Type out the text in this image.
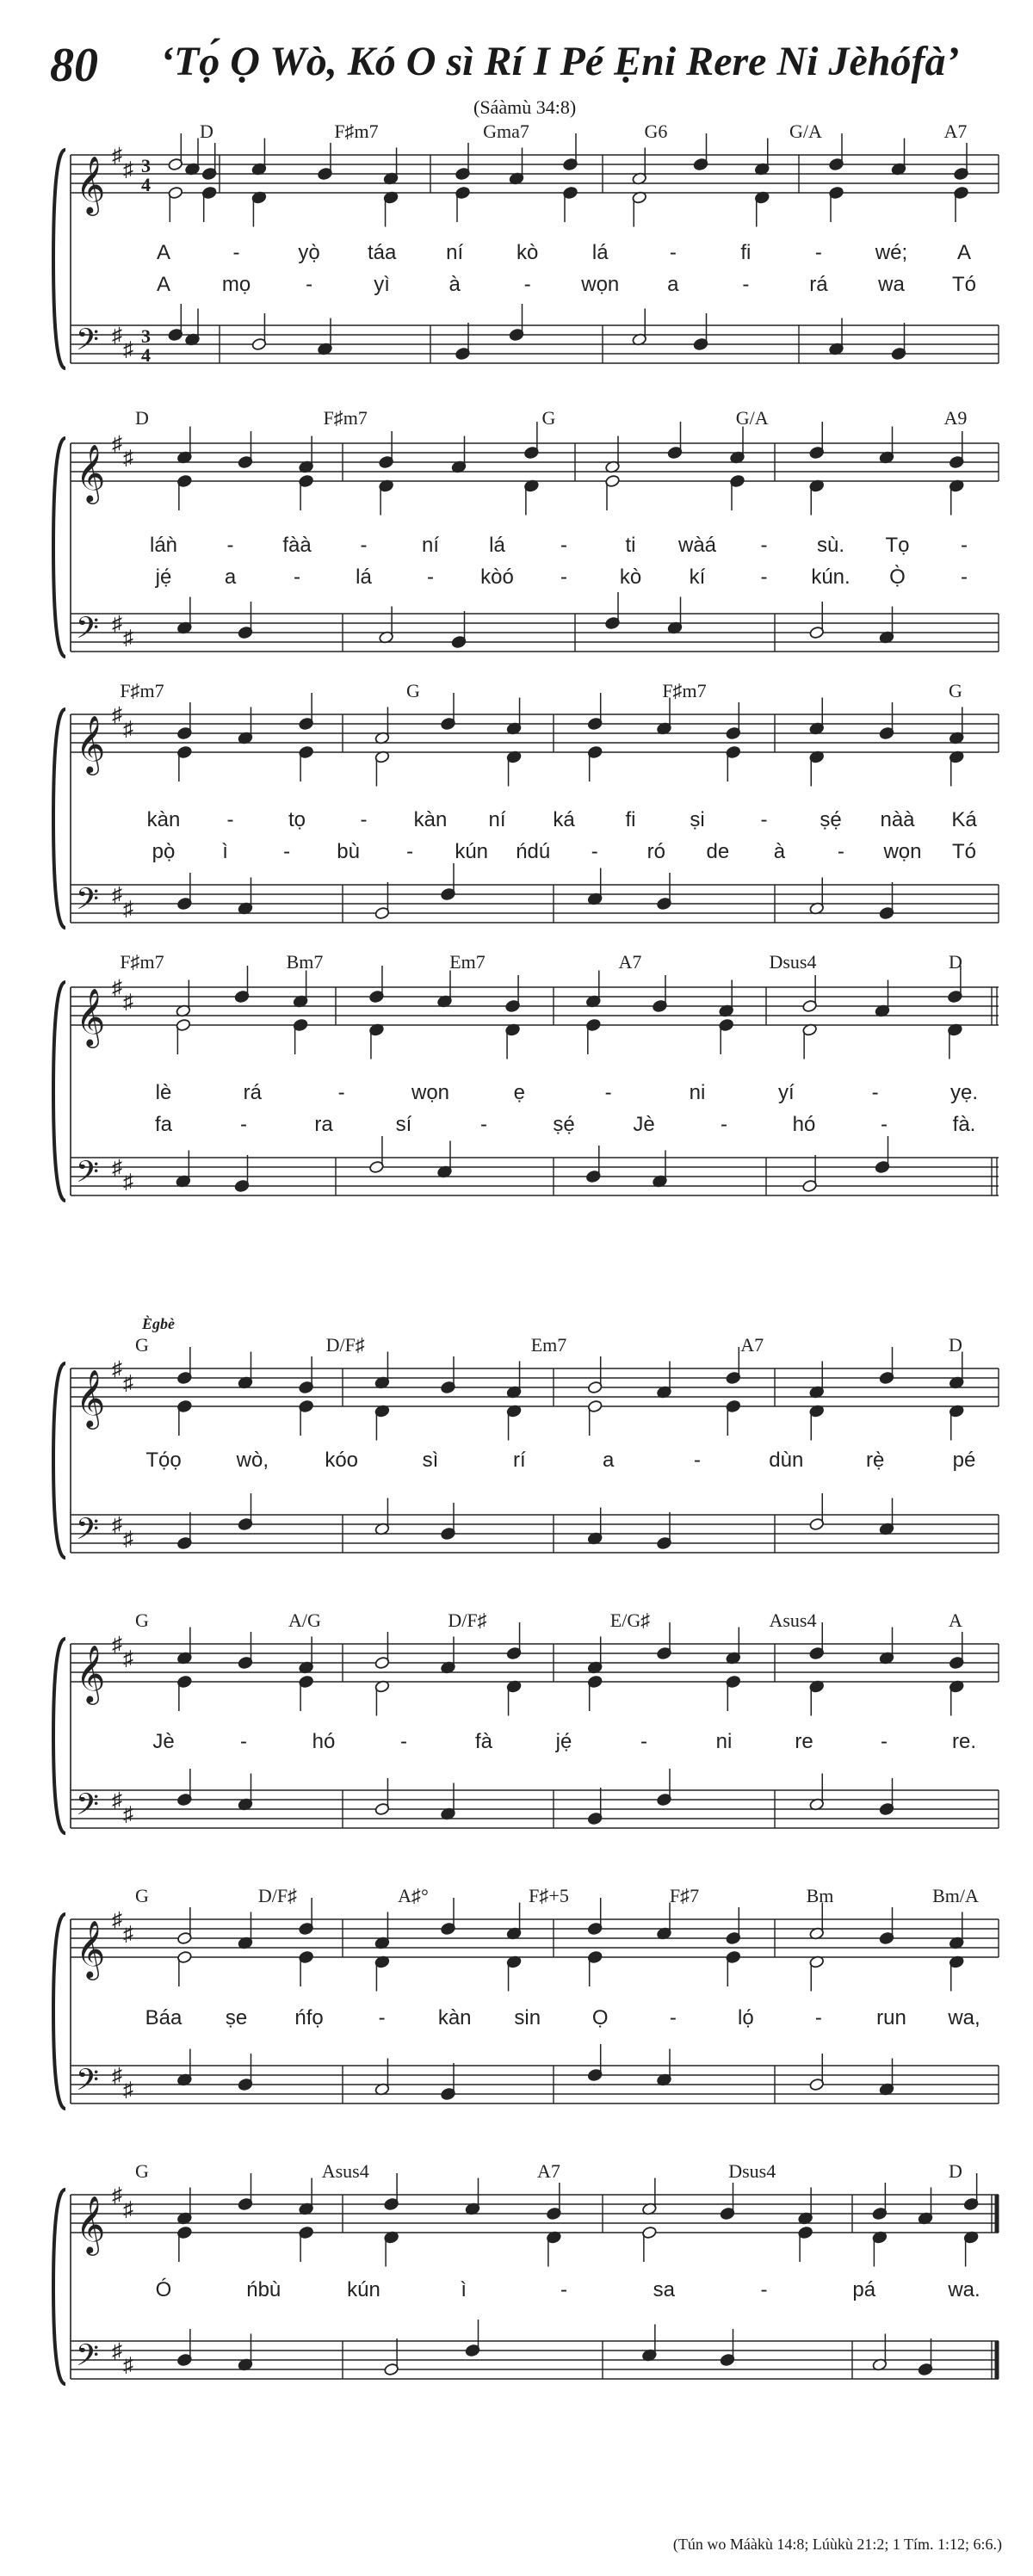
80 ‘Tọ́ Ọ Wò, Kó O sì Rí I Pé Ẹni Rere Ni Jèhófà’
(Sáàmù 34:8)
𝄞
♯
♯ 3
4
𝄢 ♯
♯
3
4
D	F♯m7	Gma7	G6	G/A	A7
A	-	yọ̀ táa ní	kò	lá	-	fi	-	wé; A
A mọ	-	yì	à	- wọn a	-	rá wa Tó
𝄞
♯
♯
𝄢 ♯
♯
D	F♯m7	G	G/A	A9
láǹ - fàà -	ní lá	-	ti wàá - sù. Tọ -
jẹ́	a	-	lá	- kòó -	kò kí	- kún. Ọ̀	-
𝄞
♯
♯
𝄢 ♯
♯
F♯m7	G	F♯m7	G
kàn -	tọ	- kàn ní ká fi	ṣi	-	ṣẹ́ nàà Ká
pọ̀ ì	- bù - kún ńdú - ró de à	- wọn Tó
𝄞
♯
♯
𝄢 ♯
♯
F♯m7	Bm7	Em7	A7	Dsus4	D
lè	rá	-	wọn	ẹ	-	ni	yí	-	yẹ.
fa	-	ra	sí	-	ṣẹ́	Jè	-	hó	-	fà.
𝄞
♯
♯
𝄢 ♯
♯
Ègbè
G	D/F♯	Em7	A7	D
Tọ́ọ	wò,	kóo	sì	rí	a	-	dùn	rẹ̀	pé
𝄞
♯
♯
𝄢 ♯
♯
G	A/G	D/F♯	E/G♯	Asus4	A
Jè	-	hó	-	fà	jẹ́	-	ni	re	-	re.
𝄞
♯
♯
𝄢 ♯
♯
G	D/F♯	A♯°	F♯+5	F♯7	Bm	Bm/A
Báa ṣe ńfọ	-	kàn sin Ọ	-	lọ́	-	run wa,
𝄞
♯
♯
𝄢 ♯
♯
G	Asus4	A7	Dsus4	D
Ó	ńbù	kún	ì	-	sa	-	pá	wa.
(Tún wo Máàkù 14:8; Lúùkù 21:2; 1 Tím. 1:12; 6:6.)
